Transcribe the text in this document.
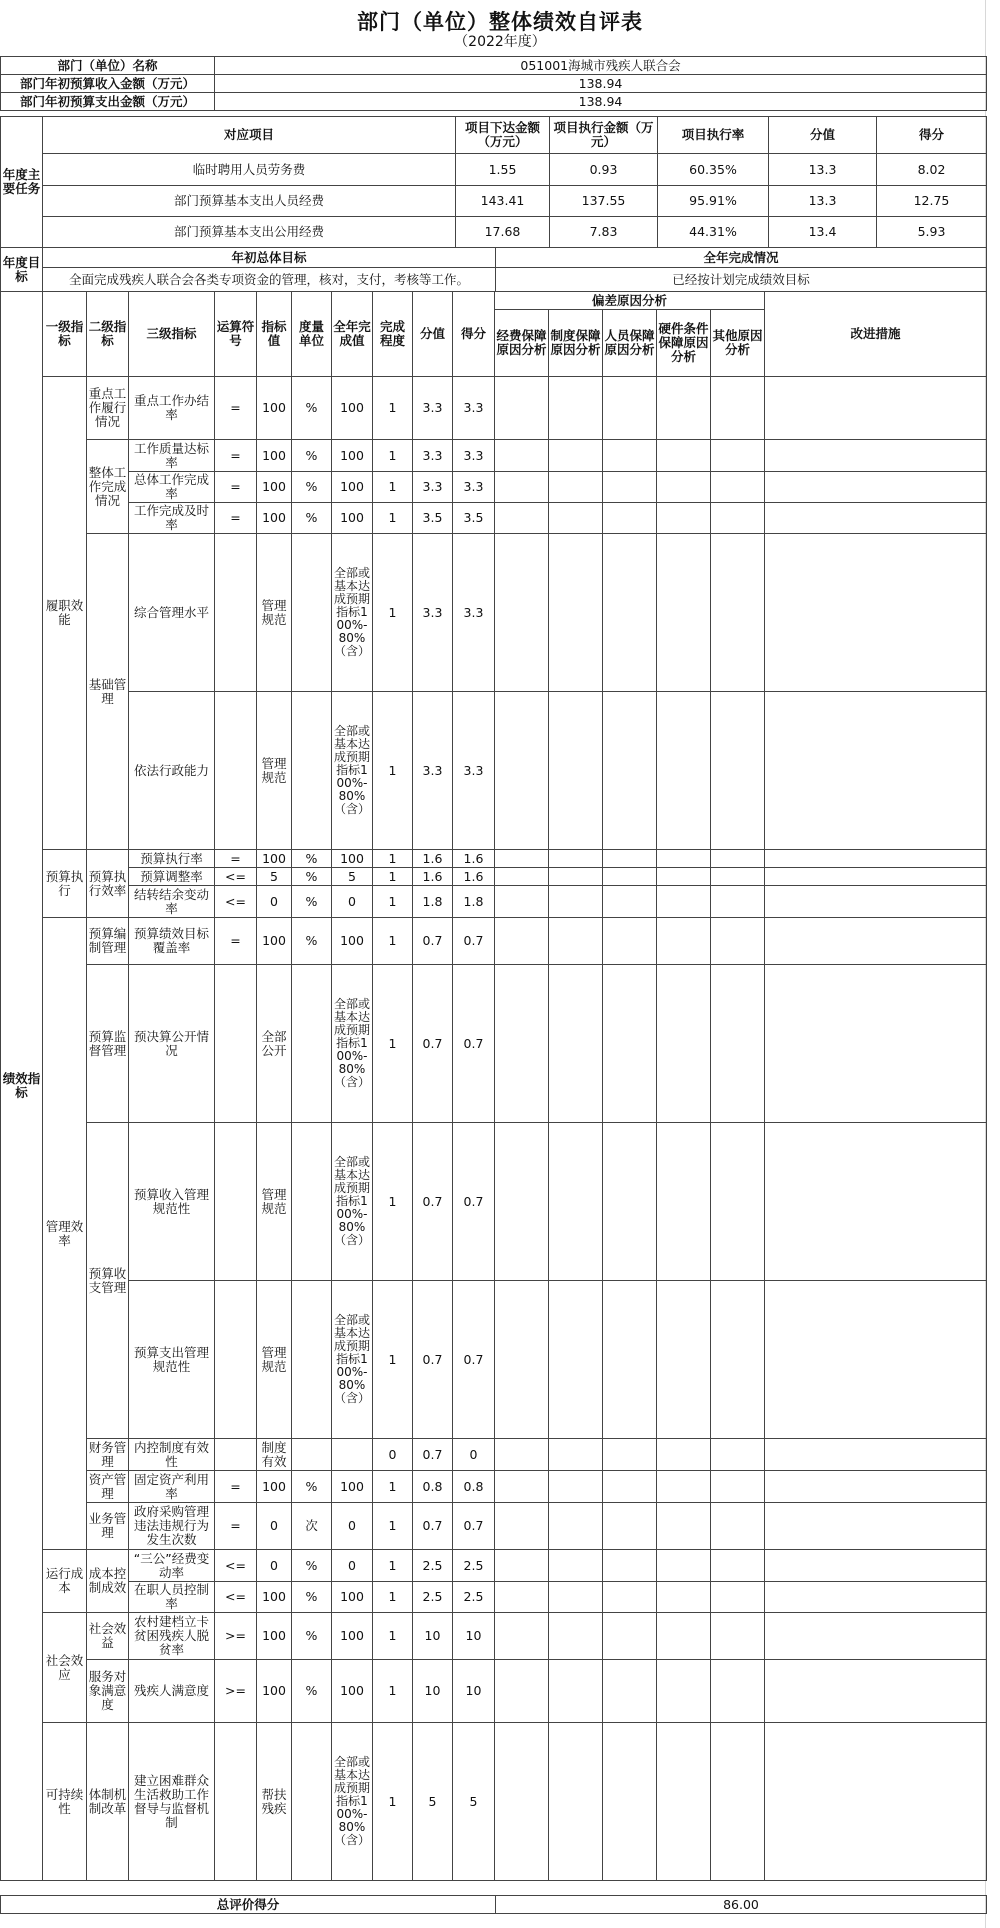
部门（单位）整体绩效自评表
（2022年度）
部门（单位）名称	051001海城市残疾人联合会
部门年初预算收入金额（万元）	138.94
部门年初预算支出金额（万元）	138.94
年度主要任务	对应项目	项目下达金额（万元）	项目执行金额（万元）	项目执行率	分值	得分
	临时聘用人员劳务费	1.55	0.93	60.35%	13.3	8.02
	部门预算基本支出人员经费	143.41	137.55	95.91%	13.3	12.75
	部门预算基本支出公用经费	17.68	7.83	44.31%	13.4	5.93
年度目标	年初总体目标	全年完成情况
	全面完成残疾人联合会各类专项资金的管理，核对，支付，考核等工作。	已经按计划完成绩效目标
绩效指标	一级指标	二级指标	三级指标	运算符号	指标值	度量单位	全年完成值	完成程度	分值	得分	偏差原因分析					改进措施
											经费保障原因分析	制度保障原因分析	人员保障原因分析	硬件条件保障原因分析	其他原因分析	
	履职效能	重点工作履行情况	重点工作办结率	=	100	%	100	1	3.3	3.3						
		整体工作完成情况	工作质量达标率	=	100	%	100	1	3.3	3.3						
			总体工作完成率	=	100	%	100	1	3.3	3.3						
			工作完成及时率	=	100	%	100	1	3.5	3.5						
		基础管理	综合管理水平		管理规范		全部或基本达成预期指标100%-80%（含）	1	3.3	3.3						
			依法行政能力		管理规范		全部或基本达成预期指标100%-80%（含）	1	3.3	3.3						
	预算执行	预算执行效率	预算执行率	=	100	%	100	1	1.6	1.6						
			预算调整率	<=	5	%	5	1	1.6	1.6						
			结转结余变动率	<=	0	%	0	1	1.8	1.8						
	管理效率	预算编制管理	预算绩效目标覆盖率	=	100	%	100	1	0.7	0.7						
		预算监督管理	预决算公开情况		全部公开		全部或基本达成预期指标100%-80%（含）	1	0.7	0.7						
		预算收支管理	预算收入管理规范性		管理规范		全部或基本达成预期指标100%-80%（含）	1	0.7	0.7						
			预算支出管理规范性		管理规范		全部或基本达成预期指标100%-80%（含）	1	0.7	0.7						
		财务管理	内控制度有效性		制度有效			0	0.7	0						
		资产管理	固定资产利用率	=	100	%	100	1	0.8	0.8						
		业务管理	政府采购管理违法违规行为发生次数	=	0	次	0	1	0.7	0.7						
	运行成本	成本控制成效	“三公”经费变动率	<=	0	%	0	1	2.5	2.5						
			在职人员控制率	<=	100	%	100	1	2.5	2.5						
	社会效应	社会效益	农村建档立卡贫困残疾人脱贫率	>=	100	%	100	1	10	10						
		服务对象满意度	残疾人满意度	>=	100	%	100	1	10	10						
	可持续性	体制机制改革	建立困难群众生活救助工作督导与监督机制		帮扶残疾		全部或基本达成预期指标100%-80%（含）	1	5	5						
总评价得分	86.00
